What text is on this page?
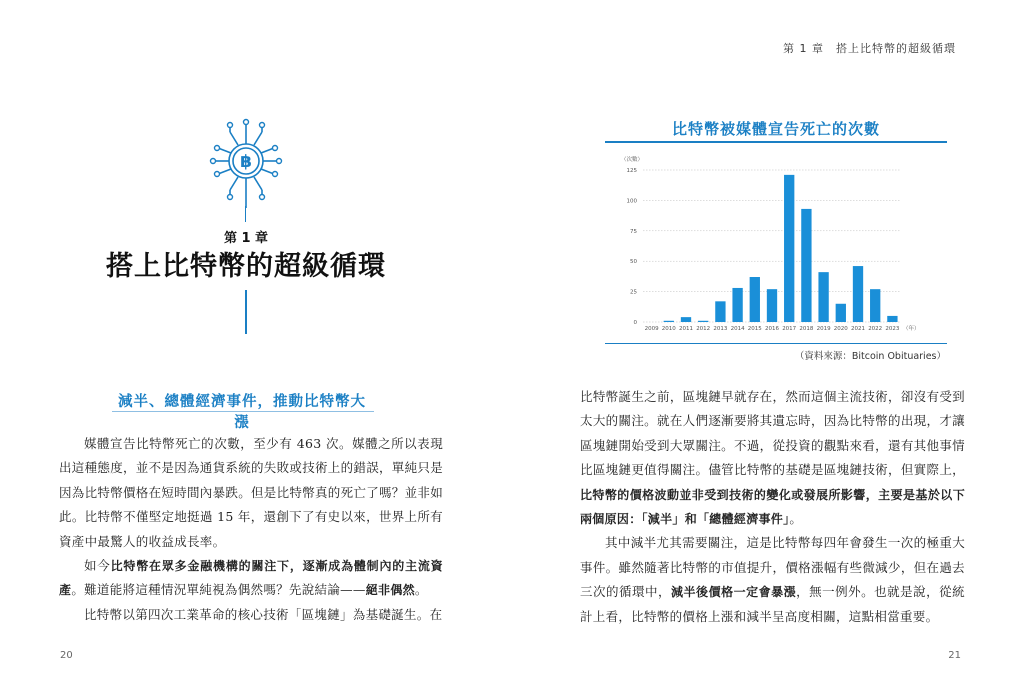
第 1 章　搭上比特幣的超級循環
฿
第 1 章
搭上比特幣的超級循環
減半、總體經濟事件，推動比特幣大漲

媒體宣告比特幣死亡的次數，至少有 463 次。媒體之所以表現出這種態度，並不是因為通貨系統的失敗或技術上的錯誤，單純只是因為比特幣價格在短時間內暴跌。但是比特幣真的死亡了嗎？並非如此。比特幣不僅堅定地挺過 15 年，還創下了有史以來，世界上所有資產中最驚人的收益成長率。

如今比特幣在眾多金融機構的關注下，逐漸成為體制內的主流資產。難道能將這種情況單純視為偶然嗎？先說結論——絕非偶然。

比特幣以第四次工業革命的核心技術「區塊鏈」為基礎誕生。在

20
比特幣被媒體宣告死亡的次數
（次數）
0
25
50
75
100
125
2009 2010 2011 2012 2013 2014 2015 2016 2017 2018 2019 2020 2021 2022 2023 （年）
（資料來源：Bitcoin Obituaries）

比特幣誕生之前，區塊鏈早就存在，然而這個主流技術，卻沒有受到太大的關注。就在人們逐漸要將其遺忘時，因為比特幣的出現，才讓區塊鏈開始受到大眾關注。不過，從投資的觀點來看，還有其他事情比區塊鏈更值得關注。儘管比特幣的基礎是區塊鏈技術，但實際上，比特幣的價格波動並非受到技術的變化或發展所影響，主要是基於以下兩個原因：「減半」和「總體經濟事件」。

其中減半尤其需要關注，這是比特幣每四年會發生一次的極重大事件。雖然隨著比特幣的市值提升，價格漲幅有些微減少，但在過去三次的循環中，減半後價格一定會暴漲，無一例外。也就是說，從統計上看，比特幣的價格上漲和減半呈高度相關，這點相當重要。

21
